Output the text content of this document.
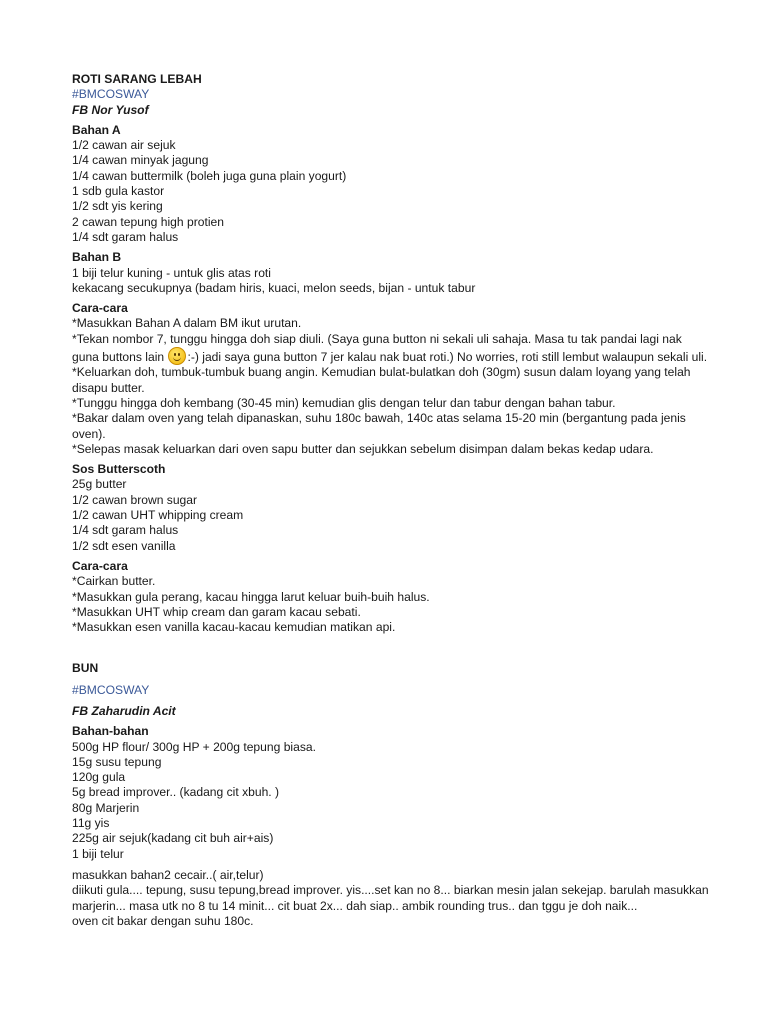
ROTI SARANG LEBAH
#BMCOSWAY
FB Nor Yusof
Bahan A
1/2 cawan air sejuk
1/4 cawan minyak jagung
1/4 cawan buttermilk (boleh juga guna plain yogurt)
1 sdb gula kastor
1/2 sdt yis kering
2 cawan tepung high protien
1/4 sdt garam halus
Bahan B
1 biji telur kuning - untuk glis atas roti
kekacang secukupnya (badam hiris, kuaci, melon seeds, bijan - untuk tabur
Cara-cara
*Masukkan Bahan A dalam BM ikut urutan.
*Tekan nombor 7, tunggu hingga doh siap diuli. (Saya guna button ni sekali uli sahaja. Masa tu tak pandai lagi nak guna buttons lain
:-) jadi saya guna button 7 jer kalau nak buat roti.) No worries, roti still lembut walaupun sekali uli.
*Keluarkan doh, tumbuk-tumbuk buang angin. Kemudian bulat-bulatkan doh (30gm) susun dalam loyang yang telah disapu butter.
*Tunggu hingga doh kembang (30-45 min) kemudian glis dengan telur dan tabur dengan bahan tabur.
*Bakar dalam oven yang telah dipanaskan, suhu 180c bawah, 140c atas selama 15-20 min (bergantung pada jenis oven).
*Selepas masak keluarkan dari oven sapu butter dan sejukkan sebelum disimpan dalam bekas kedap udara.
Sos Butterscoth
25g butter
1/2 cawan brown sugar
1/2 cawan UHT whipping cream
1/4 sdt garam halus
1/2 sdt esen vanilla
Cara-cara
*Cairkan butter.
*Masukkan gula perang, kacau hingga larut keluar buih-buih halus.
*Masukkan UHT whip cream dan garam kacau sebati.
*Masukkan esen vanilla kacau-kacau kemudian matikan api.
BUN
#BMCOSWAY
FB Zaharudin Acit
Bahan-bahan
500g HP flour/ 300g HP + 200g tepung biasa.
15g susu tepung
120g gula
5g bread improver.. (kadang cit xbuh. )
80g Marjerin
11g yis
225g air sejuk(kadang cit buh air+ais)
1 biji telur
masukkan bahan2 cecair..( air,telur)
diikuti gula.... tepung, susu tepung,bread improver. yis....set kan no 8... biarkan mesin jalan sekejap. barulah masukkan marjerin... masa utk no 8 tu 14 minit... cit buat 2x... dah siap.. ambik rounding trus.. dan tggu je doh naik...
oven cit bakar dengan suhu 180c.
